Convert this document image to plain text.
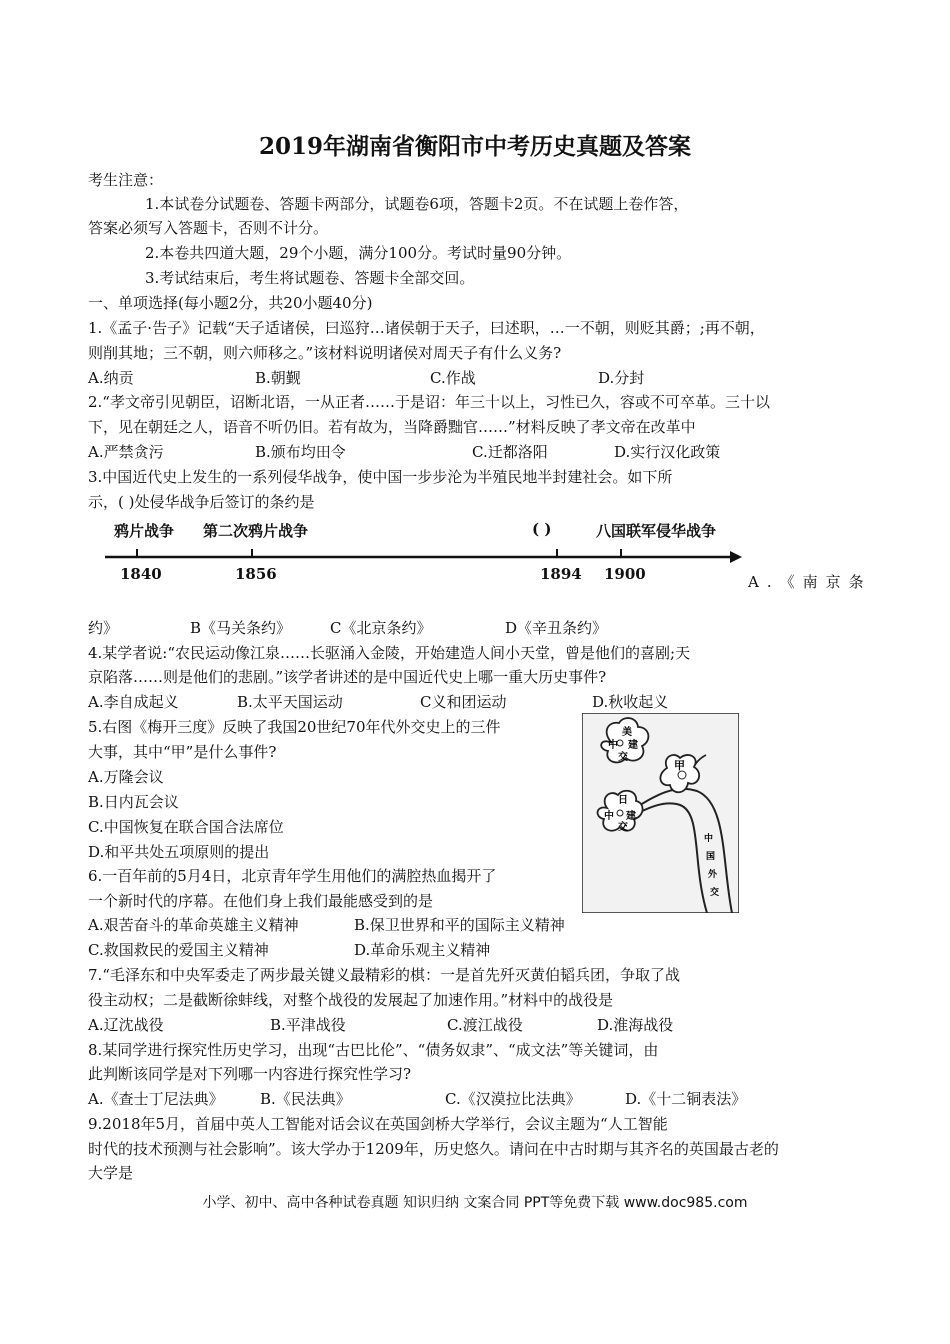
2019年湖南省衡阳市中考历史真题及答案
考生注意：
1.本试卷分试题卷、答题卡两部分，试题卷6项，答题卡2页。不在试题上卷作答，
答案必须写入答题卡，否则不计分。
2.本卷共四道大题，29个小题，满分100分。考试时量90分钟。
3.考试结束后，考生将试题卷、答题卡全部交回。
一、单项选择(每小题2分，共20小题40分)
1.《孟子·告子》记载“天子适诸侯，曰巡狩…诸侯朝于天子，曰述职，…一不朝，则贬其爵；;再不朝，
则削其地；三不朝，则六师移之。”该材料说明诸侯对周天子有什么义务?
A.纳贡	B.朝觐	C.作战	D.分封
2.“孝文帝引见朝臣，诏断北语，一从正者……于是诏：年三十以上，习性已久，容或不可卒革。三十以
下，见在朝廷之人，语音不听仍旧。若有故为，当降爵黜官……”材料反映了孝文帝在改革中
A.严禁贪污	B.颁布均田令	C.迁都洛阳	D.实行汉化政策
3.中国近代史上发生的一系列侵华战争，使中国一步步沦为半殖民地半封建社会。如下所
示，( )处侵华战争后签订的条约是
鸦片战争 第二次鸦片战争	( )	八国联军侵华战争
1840	1856	1894 1900	A.《南京条
约》	B《马关条约》	C《北京条约》	D《辛丑条约》
4.某学者说:“农民运动像江泉……长驱涌入金陵，开始建造人间小天堂，曾是他们的喜剧;天
京陷落……则是他们的悲剧。”该学者讲述的是中国近代史上哪一重大历史事件?
A.李自成起义	B.太平天国运动	C义和团运动	D.秋收起义
5.右图《梅开三度》反映了我国20世纪70年代外交史上的三件
大事，其中“甲”是什么事件?
A.万隆会议
B.日内瓦会议
C.中国恢复在联合国合法席位
D.和平共处五项原则的提出
美
中 建
交
甲
日
中 建
交
中
国
外
交
6.一百年前的5月4日，北京青年学生用他们的满腔热血揭开了
一个新时代的序幕。在他们身上我们最能感受到的是
A.艰苦奋斗的革命英雄主义精神	B.保卫世界和平的国际主义精神
C.救国救民的爱国主义精神	D.革命乐观主义精神
7.“毛泽东和中央军委走了两步最关键义最精彩的棋：一是首先歼灭黄伯韬兵团，争取了战
役主动权；二是截断徐蚌线，对整个战役的发展起了加速作用。”材料中的战役是
A.辽沈战役	B.平津战役	C.渡江战役	D.淮海战役
8.某同学进行探究性历史学习，出现“古巴比伦”、“债务奴隶”、“成文法”等关键词，由
此判断该同学是对下列哪一内容进行探究性学习?
A.《查士丁尼法典》 B.《民法典》	C.《汉漠拉比法典》	D.《十二铜表法》
9.2018年5月，首届中英人工智能对话会议在英国剑桥大学举行，会议主题为“人工智能
时代的技术预测与社会影响”。该大学办于1209年，历史悠久。请问在中古时期与其齐名的英国最古老的
大学是
小学、初中、高中各种试卷真题 知识归纳 文案合同 PPT等免费下载 www.doc985.com
